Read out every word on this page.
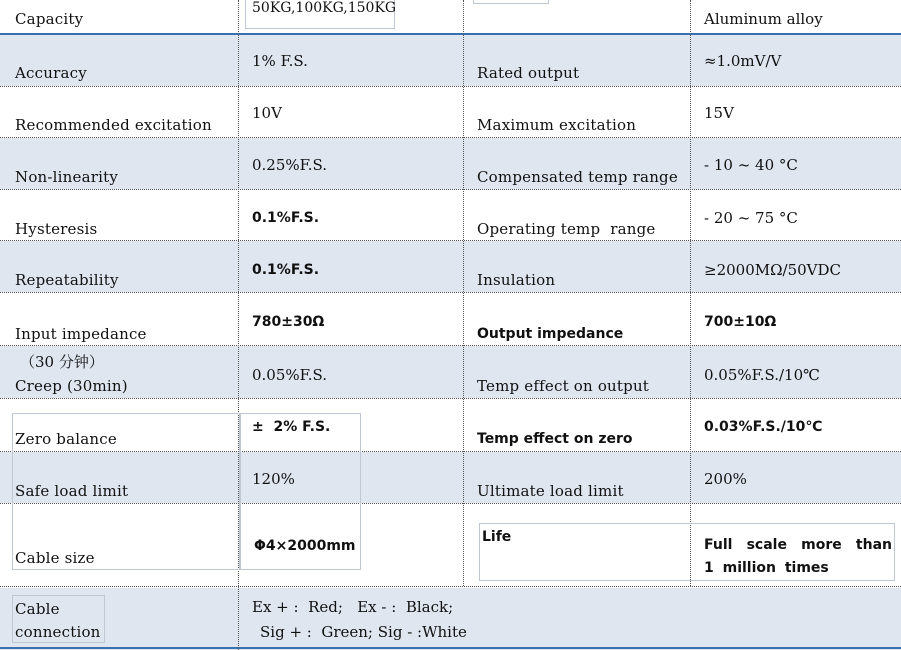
Capacity
50KG,100KG,150KG
Aluminum alloy
Accuracy
1% F.S.
Rated output
≈1.0mV/V
Recommended excitation
10V
Maximum excitation
15V
Non-linearity
0.25%F.S.
Compensated temp range
- 10 ~ 40 °C
Hysteresis
0.1%F.S.
Operating temp  range
- 20 ~ 75 °C
Repeatability
0.1%F.S.
Insulation
≥2000MΩ/50VDC
Input impedance
780±30Ω
Output impedance
700±10Ω
（30 分钟）
Creep (30min)
0.05%F.S.
Temp effect on output
0.05%F.S./10℃
Zero balance
±  2% F.S.
Temp effect on zero
0.03%F.S./10℃
Safe load limit
120%
Ultimate load limit
200%
Cable size
Φ4×2000mm
Life	Full scale more than 1 million times
Cable connection
Ex + :  Red;   Ex - :  Black;
Sig + :  Green; Sig - :White
